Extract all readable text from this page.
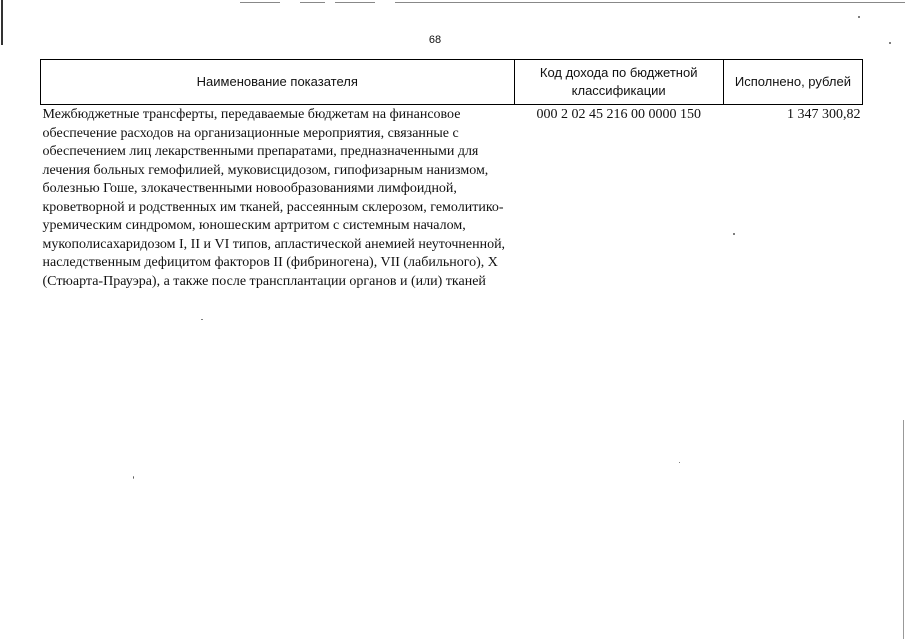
68
Наименование показателя	Код дохода по бюджетной классификации	Исполнено, рублей

Межбюджетные трансферты, передаваемые бюджетам на финансовое обеспечение расходов на организационные мероприятия, связанные с обеспечением лиц лекарственными препаратами, предназначенными для лечения больных гемофилией, муковисцидозом, гипофизарным нанизмом, болезнью Гоше, злокачественными новообразованиями лимфоидной, кроветворной и родственных им тканей, рассеянным склерозом, гемолитико-уремическим синдромом, юношеским артритом с системным началом, мукополисахаридозом I, II и VI типов, апластической анемией неуточненной, наследственным дефицитом факторов II (фибриногена), VII (лабильного), X (Стюарта-Прауэра), а также после трансплантации органов и (или) тканей	000 2 02 45 216 00 0000 150	1 347 300,82
